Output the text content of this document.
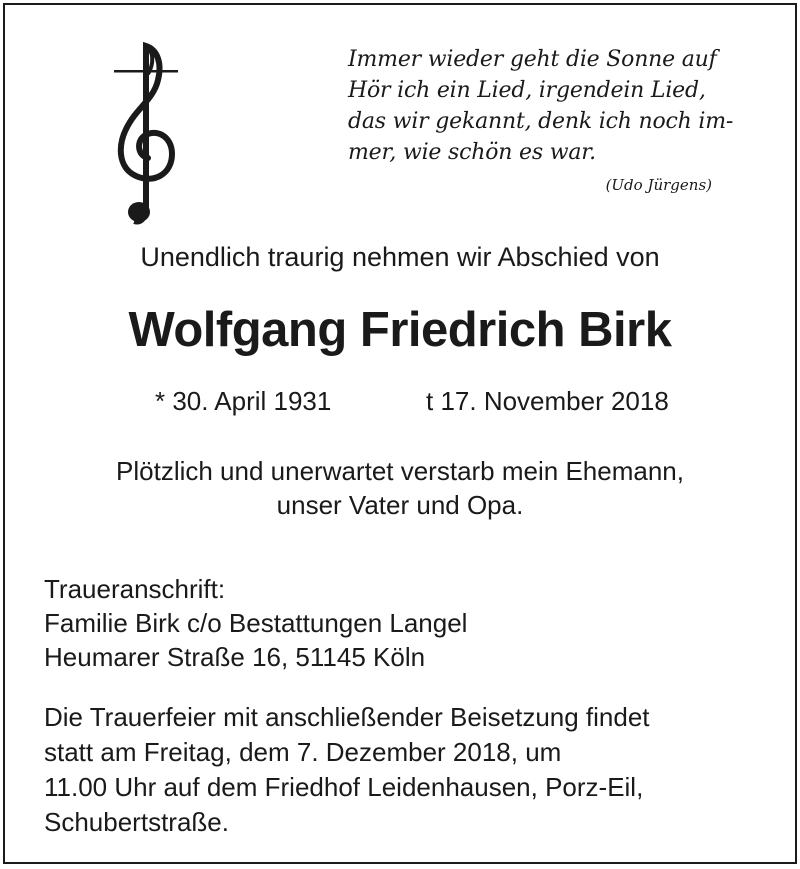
Immer wieder geht die Sonne auf
Hör ich ein Lied, irgendein Lied,
das wir gekannt, denk ich noch im-
mer, wie schön es war.
(Udo Jürgens)
Unendlich traurig nehmen wir Abschied von
Wolfgang Friedrich Birk
* 30. April 1931	t 17. November 2018
Plötzlich und unerwartet verstarb mein Ehemann,
unser Vater und Opa.
Traueranschrift:
Familie Birk c/o Bestattungen Langel
Heumarer Straße 16, 51145 Köln
Die Trauerfeier mit anschließender Beisetzung findet
statt am Freitag, dem 7. Dezember 2018, um
11.00 Uhr auf dem Friedhof Leidenhausen, Porz-Eil,
Schubertstraße.
